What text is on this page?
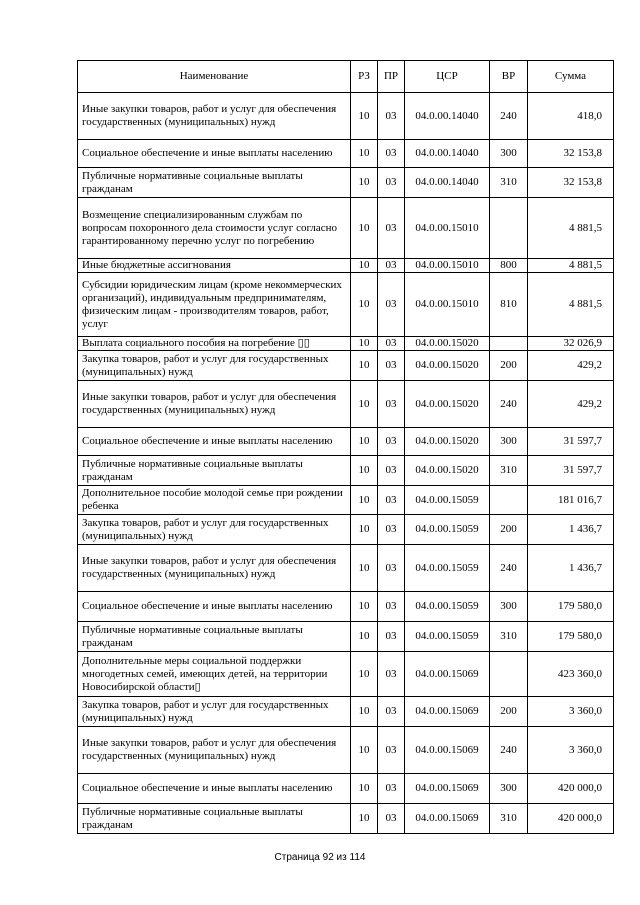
Наименование	РЗ	ПР	ЦСР	ВР	Сумма
Иные закупки товаров, работ и услуг для обеспечения государственных (муниципальных) нужд	10	03	04.0.00.14040	240	418,0
Социальное обеспечение и иные выплаты населению	10	03	04.0.00.14040	300	32 153,8
Публичные нормативные социальные выплаты гражданам	10	03	04.0.00.14040	310	32 153,8
Возмещение специализированным службам по вопросам похоронного дела стоимости услуг согласно гарантированному перечню услуг по погребению	10	03	04.0.00.15010		4 881,5
Иные бюджетные ассигнования	10	03	04.0.00.15010	800	4 881,5
Субсидии юридическим лицам (кроме некоммерческих организаций), индивидуальным предпринимателям, физическим лицам - производителям товаров, работ, услуг	10	03	04.0.00.15010	810	4 881,5
Выплата социального пособия на погребение ▯▯	10	03	04.0.00.15020		32 026,9
Закупка товаров, работ и услуг для государственных (муниципальных) нужд	10	03	04.0.00.15020	200	429,2
Иные закупки товаров, работ и услуг для обеспечения государственных (муниципальных) нужд	10	03	04.0.00.15020	240	429,2
Социальное обеспечение и иные выплаты населению	10	03	04.0.00.15020	300	31 597,7
Публичные нормативные социальные выплаты гражданам	10	03	04.0.00.15020	310	31 597,7
Дополнительное пособие молодой семье при рождении ребенка	10	03	04.0.00.15059		181 016,7
Закупка товаров, работ и услуг для государственных (муниципальных) нужд	10	03	04.0.00.15059	200	1 436,7
Иные закупки товаров, работ и услуг для обеспечения государственных (муниципальных) нужд	10	03	04.0.00.15059	240	1 436,7
Социальное обеспечение и иные выплаты населению	10	03	04.0.00.15059	300	179 580,0
Публичные нормативные социальные выплаты гражданам	10	03	04.0.00.15059	310	179 580,0
Дополнительные меры социальной поддержки многодетных семей, имеющих детей, на территории Новосибирской области▯	10	03	04.0.00.15069		423 360,0
Закупка товаров, работ и услуг для государственных (муниципальных) нужд	10	03	04.0.00.15069	200	3 360,0
Иные закупки товаров, работ и услуг для обеспечения государственных (муниципальных) нужд	10	03	04.0.00.15069	240	3 360,0
Социальное обеспечение и иные выплаты населению	10	03	04.0.00.15069	300	420 000,0
Публичные нормативные социальные выплаты гражданам	10	03	04.0.00.15069	310	420 000,0
Страница 92 из 114
